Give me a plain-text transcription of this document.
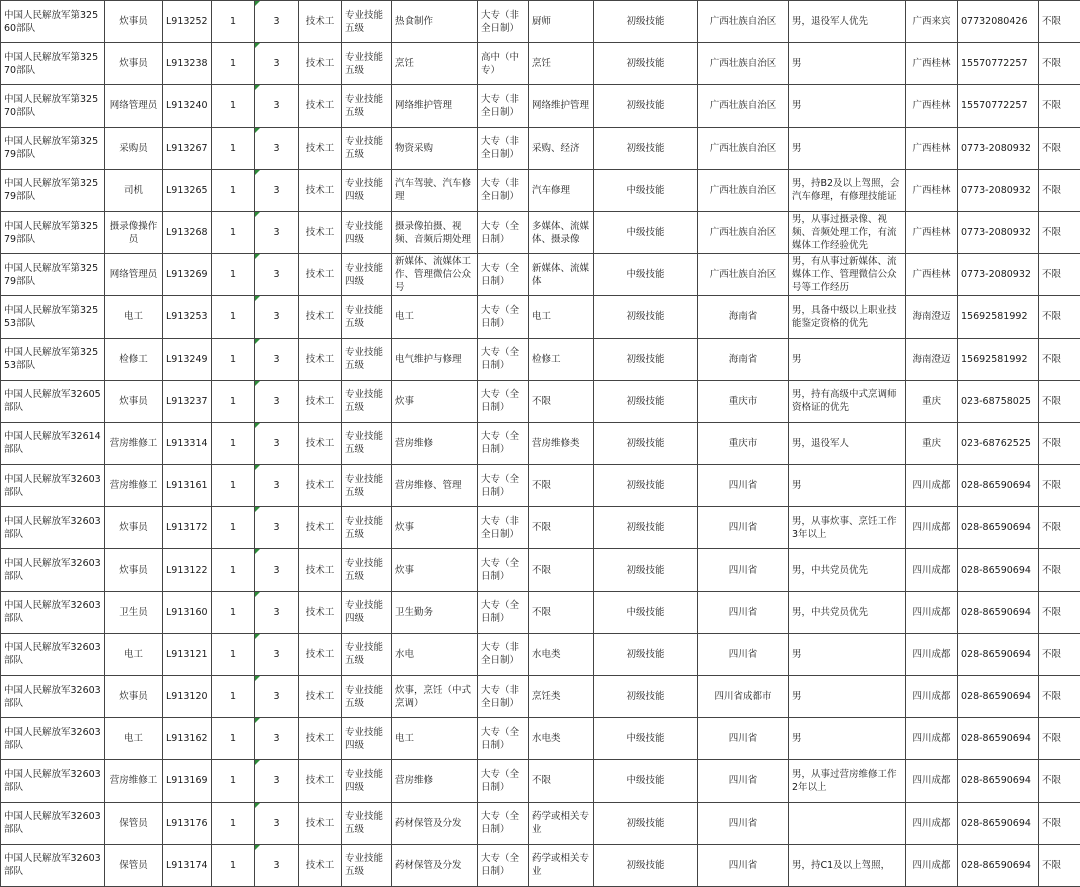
中国人民解放军第32560部队	炊事员	L913252	1	3	技术工	专业技能五级	热食制作	大专（非全日制）	厨师	初级技能	广西壮族自治区	男，退役军人优先	广西来宾	07732080426	不限
中国人民解放军第32570部队	炊事员	L913238	1	3	技术工	专业技能五级	烹饪	高中（中专）	烹饪	初级技能	广西壮族自治区	男	广西桂林	15570772257	不限
中国人民解放军第32570部队	网络管理员	L913240	1	3	技术工	专业技能五级	网络维护管理	大专（非全日制）	网络维护管理	初级技能	广西壮族自治区	男	广西桂林	15570772257	不限
中国人民解放军第32579部队	采购员	L913267	1	3	技术工	专业技能五级	物资采购	大专（非全日制）	采购、经济	初级技能	广西壮族自治区	男	广西桂林	0773-2080932	不限
中国人民解放军第32579部队	司机	L913265	1	3	技术工	专业技能四级	汽车驾驶、汽车修理	大专（非全日制）	汽车修理	中级技能	广西壮族自治区	男，持B2及以上驾照，会汽车修理，有修理技能证	广西桂林	0773-2080932	不限
中国人民解放军第32579部队	摄录像操作员	L913268	1	3	技术工	专业技能四级	摄录像拍摄、视频、音频后期处理	大专（全日制）	多媒体、流媒体、摄录像	中级技能	广西壮族自治区	男，从事过摄录像、视频、音频处理工作，有流媒体工作经验优先	广西桂林	0773-2080932	不限
中国人民解放军第32579部队	网络管理员	L913269	1	3	技术工	专业技能四级	新媒体、流媒体工作、管理微信公众号	大专（全日制）	新媒体、流媒体	中级技能	广西壮族自治区	男，有从事过新媒体、流媒体工作、管理微信公众号等工作经历	广西桂林	0773-2080932	不限
中国人民解放军第32553部队	电工	L913253	1	3	技术工	专业技能五级	电工	大专（全日制）	电工	初级技能	海南省	男，具备中级以上职业技能鉴定资格的优先	海南澄迈	15692581992	不限
中国人民解放军第32553部队	检修工	L913249	1	3	技术工	专业技能五级	电气维护与修理	大专（全日制）	检修工	初级技能	海南省	男	海南澄迈	15692581992	不限
中国人民解放军32605部队	炊事员	L913237	1	3	技术工	专业技能五级	炊事	大专（全日制）	不限	初级技能	重庆市	男，持有高级中式烹调师资格证的优先	重庆	023-68758025	不限
中国人民解放军32614部队	营房维修工	L913314	1	3	技术工	专业技能五级	营房维修	大专（全日制）	营房维修类	初级技能	重庆市	男，退役军人	重庆	023-68762525	不限
中国人民解放军32603部队	营房维修工	L913161	1	3	技术工	专业技能五级	营房维修、管理	大专（全日制）	不限	初级技能	四川省	男	四川成都	028-86590694	不限
中国人民解放军32603部队	炊事员	L913172	1	3	技术工	专业技能五级	炊事	大专（非全日制）	不限	初级技能	四川省	男，从事炊事、烹饪工作3年以上	四川成都	028-86590694	不限
中国人民解放军32603部队	炊事员	L913122	1	3	技术工	专业技能五级	炊事	大专（全日制）	不限	初级技能	四川省	男，中共党员优先	四川成都	028-86590694	不限
中国人民解放军32603部队	卫生员	L913160	1	3	技术工	专业技能四级	卫生勤务	大专（全日制）	不限	中级技能	四川省	男，中共党员优先	四川成都	028-86590694	不限
中国人民解放军32603部队	电工	L913121	1	3	技术工	专业技能五级	水电	大专（非全日制）	水电类	初级技能	四川省	男	四川成都	028-86590694	不限
中国人民解放军32603部队	炊事员	L913120	1	3	技术工	专业技能五级	炊事，烹饪（中式烹调）	大专（非全日制）	烹饪类	初级技能	四川省成都市	男	四川成都	028-86590694	不限
中国人民解放军32603部队	电工	L913162	1	3	技术工	专业技能四级	电工	大专（全日制）	水电类	中级技能	四川省	男	四川成都	028-86590694	不限
中国人民解放军32603部队	营房维修工	L913169	1	3	技术工	专业技能四级	营房维修	大专（全日制）	不限	中级技能	四川省	男，从事过营房维修工作2年以上	四川成都	028-86590694	不限
中国人民解放军32603部队	保管员	L913176	1	3	技术工	专业技能五级	药材保管及分发	大专（全日制）	药学或相关专业	初级技能	四川省		四川成都	028-86590694	不限
中国人民解放军32603部队	保管员	L913174	1	3	技术工	专业技能五级	药材保管及分发	大专（全日制）	药学或相关专业	初级技能	四川省	男，持C1及以上驾照，	四川成都	028-86590694	不限
